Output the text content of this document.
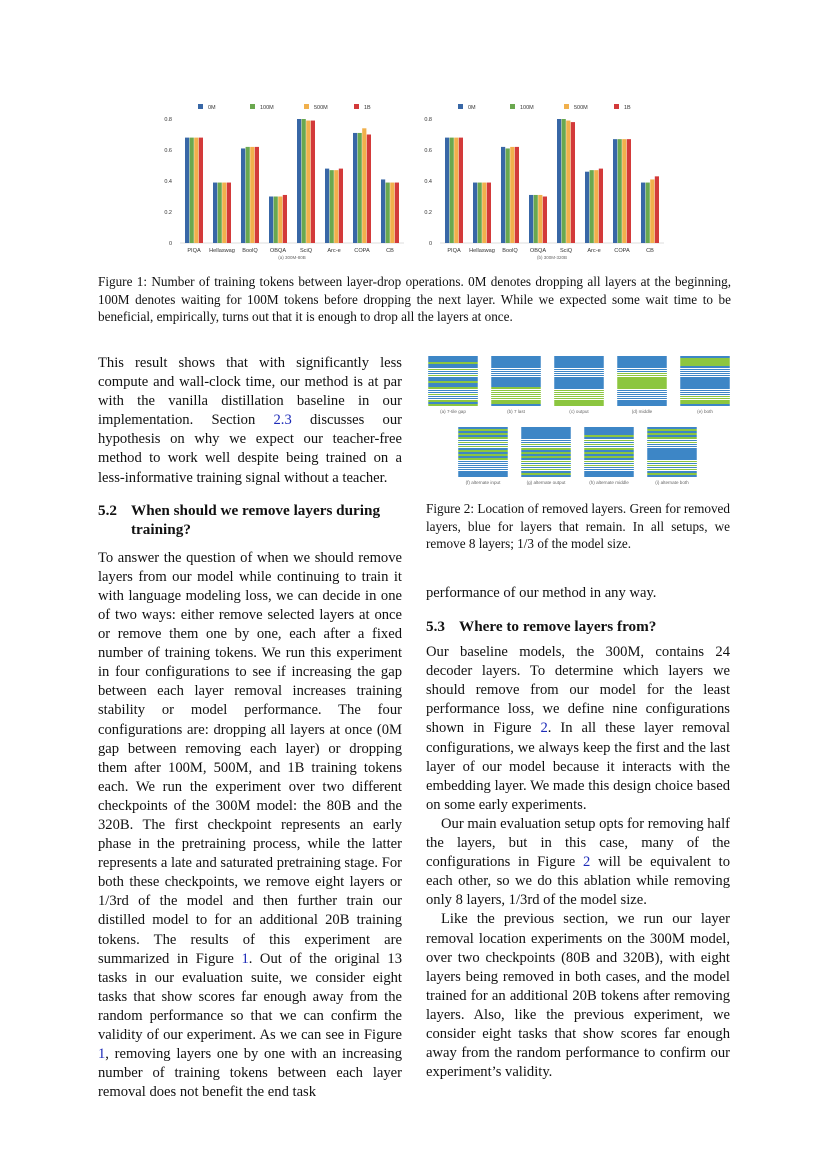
0M	100M	500M	1B
0
0.2
0.4
0.6
0.8
PIQA Hellaswag BoolQ OBQA SciQ	Arc-e COPA	CB
(a) 300M-80B
0M	100M	500M	1B
0
0.2
0.4
0.6
0.8
PIQA Hellaswag BoolQ OBQA SciQ	Arc-e COPA	CB
(b) 300M-320B
Figure 1: Number of training tokens between layer-drop operations. 0M denotes dropping all layers at the beginning, 100M denotes waiting for 100M tokens before dropping the next layer. While we expected some wait time to be beneficial, empirically, turns out that it is enough to drop all the layers at once.

This result shows that with significantly less compute and wall-clock time, our method is at par with the vanilla distillation baseline in our implementation. Section 2.3 discusses our hypothesis on why we expect our teacher-free method to work well despite being trained on a less-informative training signal without a teacher.

5.2 When should we remove layers during training?

To answer the question of when we should remove layers from our model while continuing to train it with language modeling loss, we can decide in one of two ways: either remove selected layers at once or remove them one by one, each after a fixed number of training tokens. We run this experiment in four configurations to see if increasing the gap between each layer removal increases training stability or model performance. The four configurations are: dropping all layers at once (0M gap between removing each layer) or dropping them after 100M, 500M, and 1B training tokens each. We run the experiment over two different checkpoints of the 300M model: the 80B and the 320B. The first checkpoint represents an early phase in the pretraining process, while the latter represents a late and saturated pretraining stage. For both these checkpoints, we remove eight layers or 1/3rd of the model and then further train our distilled model to for an additional 20B training tokens. The results of this experiment are summarized in Figure 1. Out of the original 13 tasks in our evaluation suite, we consider eight tasks that show scores far enough away from the random performance so that we can confirm the validity of our experiment. As we can see in Figure 1, removing layers one by one with an increasing number of training tokens between each layer removal does not benefit the end task

(a) 7-tile gap	(b) 7 last	(c) output	(d) middle	(e) both
(f) alternate input	(g) alternate output	(h) alternate middle	(i) alternate both
Figure 2: Location of removed layers. Green for removed layers, blue for layers that remain. In all setups, we remove 8 layers; 1/3 of the model size.

performance of our method in any way.

5.3 Where to remove layers from?

Our baseline models, the 300M, contains 24 decoder layers. To determine which layers we should remove from our model for the least performance loss, we define nine configurations shown in Figure 2. In all these layer removal configurations, we always keep the first and the last layer of our model because it interacts with the embedding layer. We made this design choice based on some early experiments.

Our main evaluation setup opts for removing half the layers, but in this case, many of the configurations in Figure 2 will be equivalent to each other, so we do this ablation while removing only 8 layers, 1/3rd of the model size.

Like the previous section, we run our layer removal location experiments on the 300M model, over two checkpoints (80B and 320B), with eight layers being removed in both cases, and the model trained for an additional 20B tokens after removing layers. Also, like the previous experiment, we consider eight tasks that show scores far enough away from the random performance to confirm our experiment’s validity.
